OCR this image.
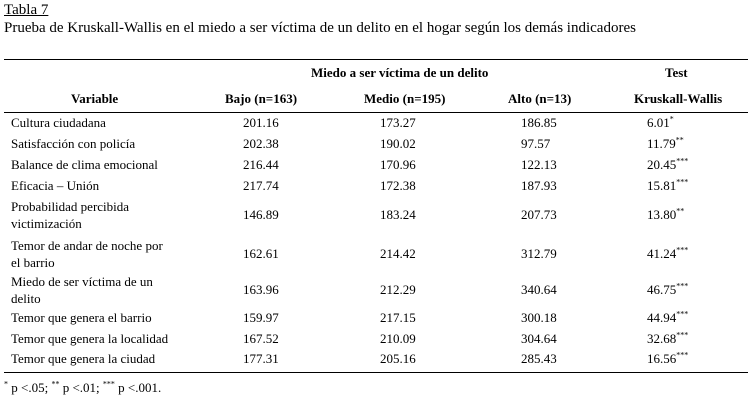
Tabla 7
Prueba de Kruskall-Wallis en el miedo a ser víctima de un delito en el hogar según los demás indicadores
Miedo a ser víctima de un delito	Test
Variable	Bajo (n=163)	Medio (n=195)	Alto (n=13)	Kruskall-Wallis
Cultura ciudadana	201.16	173.27	186.85	6.01*
Satisfacción con policía	202.38	190.02	97.57	11.79**
Balance de clima emocional	216.44	170.96	122.13	20.45***
Eficacia – Unión	217.74	172.38	187.93	15.81***
Probabilidad percibida
victimización
146.89	183.24	207.73	13.80**
Temor de andar de noche por
el barrio
162.61	214.42	312.79	41.24***
Miedo de ser víctima de un
delito
163.96	212.29	340.64	46.75***
Temor que genera el barrio	159.97	217.15	300.18	44.94***
Temor que genera la localidad	167.52	210.09	304.64	32.68***
Temor que genera la ciudad	177.31	205.16	285.43	16.56***
* p <.05; ** p <.01; *** p <.001.
